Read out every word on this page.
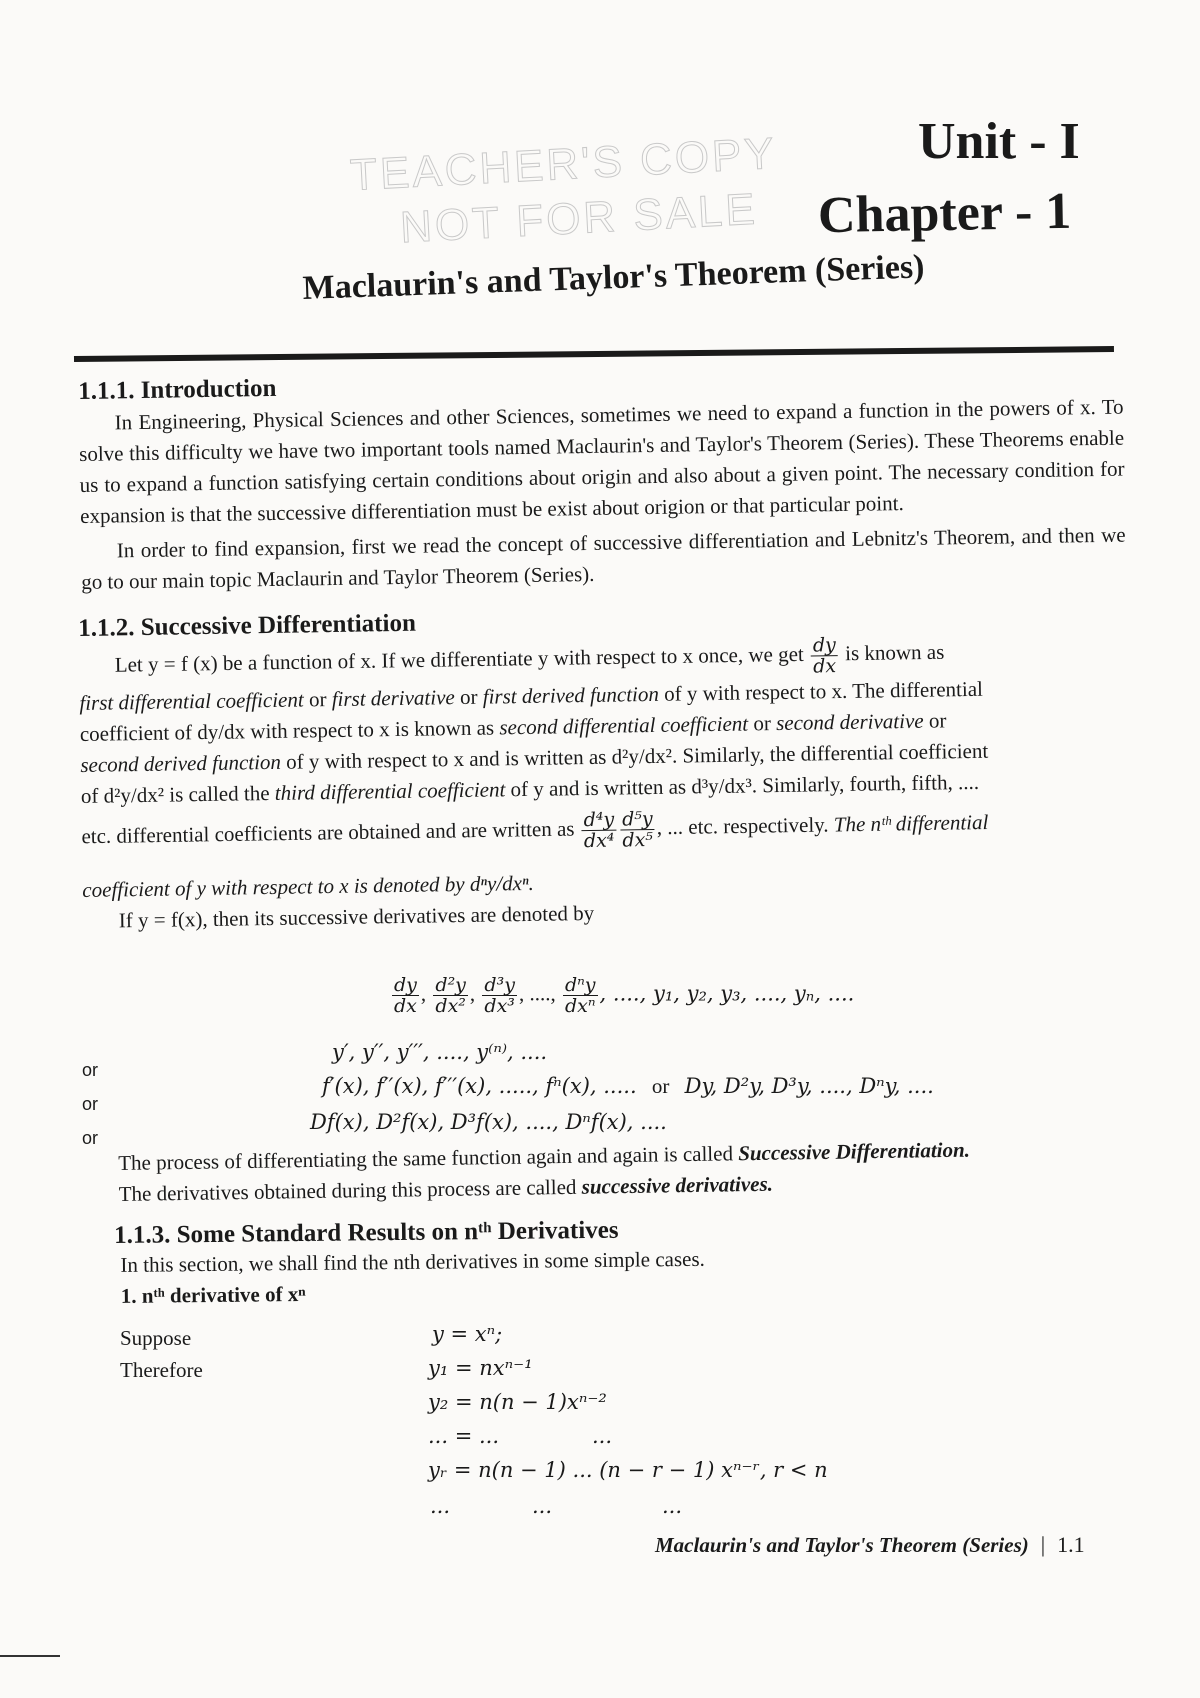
TEACHER'S COPY
NOT FOR SALE
Unit - I
Chapter - 1
Maclaurin's and Taylor's Theorem (Series)

1.1.1. Introduction

In Engineering, Physical Sciences and other Sciences, sometimes we need to expand a function in the powers of x. To solve this difficulty we have two important tools named Maclaurin's and Taylor's Theorem (Series). These Theorems enable us to expand a function satisfying certain conditions about origin and also about a given point. The necessary condition for expansion is that the successive differentiation must be exist about origion or that particular point.

In order to find expansion, first we read the concept of successive differentiation and Lebnitz's Theorem, and then we go to our main topic Maclaurin and Taylor Theorem (Series).

1.1.2. Successive Differentiation

Let y = f (x) be a function of x. If we differentiate y with respect to x once, we get $\frac{dy}{dx}$ is known as

first differential coefficient or first derivative or first derived function of y with respect to x. The differential

coefficient of dy/dx with respect to x is known as second differential coefficient or second derivative or

second derived function of y with respect to x and is written as d²y/dx². Similarly, the differential coefficient

of d²y/dx² is called the third differential coefficient of y and is written as d³y/dx³. Similarly, fourth, fifth, ....

etc. differential coefficients are obtained and are written as $\frac{\text{d⁴y}}{\text{dx⁴}} \frac{\text{d⁵y}}{\text{dx⁵}}$ , ... etc. respectively. The nᵗʰ differential

coefficient of y with respect to x is denoted by dⁿy/dxⁿ.

If y = f(x), then its successive derivatives are denoted by

$\frac{dy}{dx}$ , $\frac{\text{d²y}}{\text{dx²}}$ , $\frac{\text{d³y}}{\text{dx³}}$ , ...., $\frac{\text{dⁿy}}{\text{dxⁿ}}$ , ...., y₁, y₂, y₃, ...., yₙ, ....
or
y′, y′′, y′′′, ...., y⁽ⁿ⁾, ....
or
f′(x), f′′(x), f′′′(x), ....., fⁿ(x), ..... or Dy, D²y, D³y, ...., Dⁿy, ....
or
Df(x), D²f(x), D³f(x), ...., Dⁿf(x), ....

The process of differentiating the same function again and again is called Successive Differentiation.

The derivatives obtained during this process are called successive derivatives.

1.1.3. Some Standard Results on nᵗʰ Derivatives

In this section, we shall find the nth derivatives in some simple cases.

1. nᵗʰ derivative of xⁿ

Suppose
Therefore
y = xⁿ;
y₁ = nxⁿ⁻¹
y₂ = n(n − 1)xⁿ⁻²
... = ...	...
yᵣ = n(n − 1) ... (n − r − 1) xⁿ⁻ʳ, r < n
...	...	...
Maclaurin's and Taylor's Theorem (Series) | 1.1
